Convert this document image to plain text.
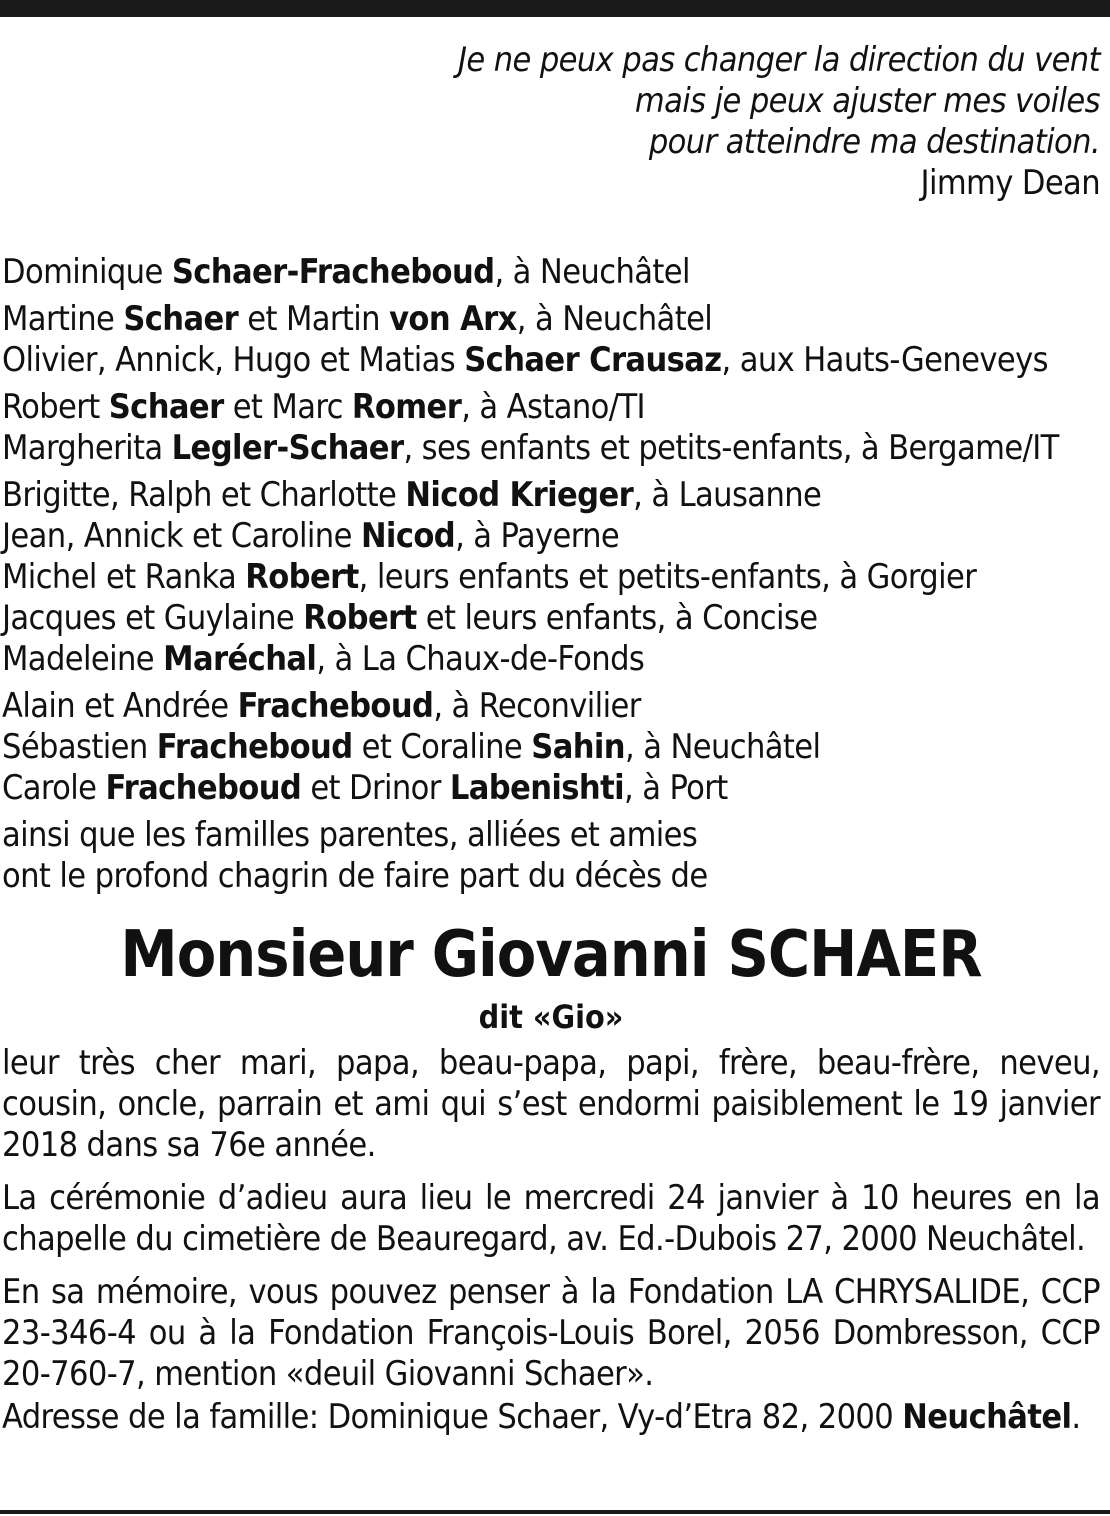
Je ne peux pas changer la direction du vent
mais je peux ajuster mes voiles
pour atteindre ma destination.
Jimmy Dean
Dominique Schaer-Fracheboud, à Neuchâtel
Martine Schaer et Martin von Arx, à Neuchâtel
Olivier, Annick, Hugo et Matias Schaer Crausaz, aux Hauts-Geneveys
Robert Schaer et Marc Romer, à Astano/TI
Margherita Legler-Schaer, ses enfants et petits-enfants, à Bergame/IT
Brigitte, Ralph et Charlotte Nicod Krieger, à Lausanne
Jean, Annick et Caroline Nicod, à Payerne
Michel et Ranka Robert, leurs enfants et petits-enfants, à Gorgier
Jacques et Guylaine Robert et leurs enfants, à Concise
Madeleine Maréchal, à La Chaux-de-Fonds
Alain et Andrée Fracheboud, à Reconvilier
Sébastien Fracheboud et Coraline Sahin, à Neuchâtel
Carole Fracheboud et Drinor Labenishti, à Port
ainsi que les familles parentes, alliées et amies
ont le profond chagrin de faire part du décès de
Monsieur Giovanni SCHAER
dit «Gio»
leur très cher mari, papa, beau-papa, papi, frère, beau-frère, neveu, cousin, oncle, parrain et ami qui s’est endormi paisiblement le 19 janvier 2018 dans sa 76e année.
La cérémonie d’adieu aura lieu le mercredi 24 janvier à 10 heures en la chapelle du cimetière de Beauregard, av. Ed.-Dubois 27, 2000 Neuchâtel.
En sa mémoire, vous pouvez penser à la Fondation LA CHRYSALIDE, CCP 23-346-4 ou à la Fondation François-Louis Borel, 2056 Dombresson, CCP 20-760-7, mention «deuil Giovanni Schaer».
Adresse de la famille: Dominique Schaer, Vy-d’Etra 82, 2000 Neuchâtel.
